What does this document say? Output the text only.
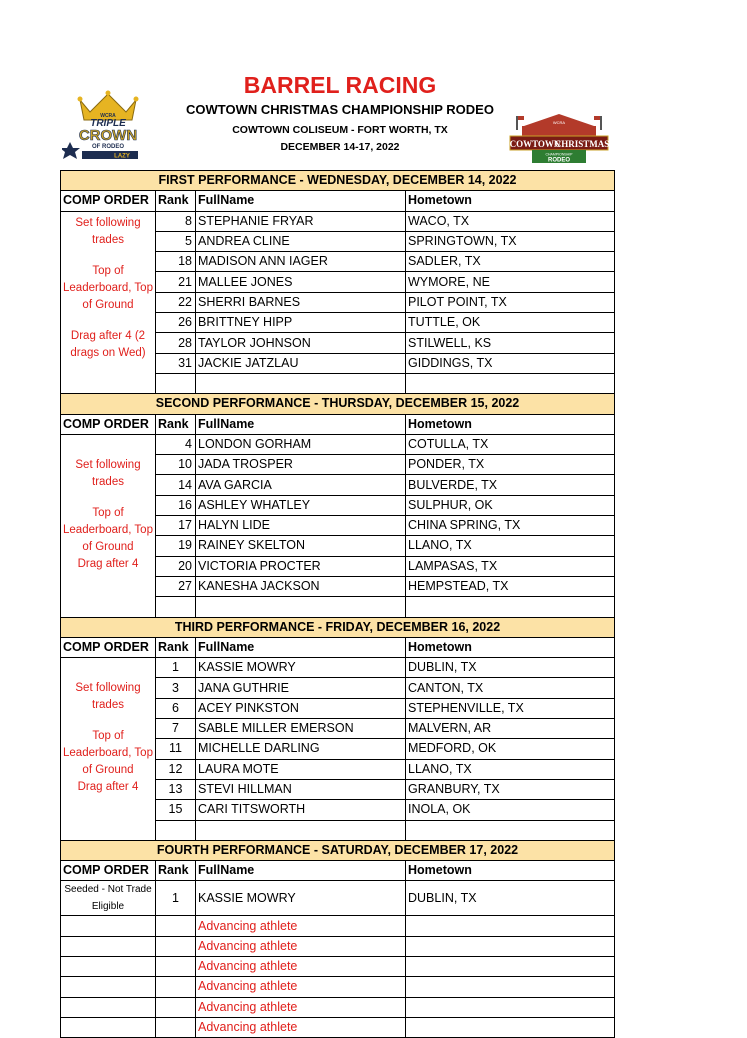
BARREL RACING
COWTOWN CHRISTMAS CHAMPIONSHIP RODEO
COWTOWN COLISEUM - FORT WORTH, TX
DECEMBER 14-17, 2022
WCRA
TRIPLE
CROWN
OF RODEO
LAZY
WCRA
COWTOWN
CHRISTMAS
CHAMPIONSHIP
RODEO
FIRST PERFORMANCE - WEDNESDAY, DECEMBER 14, 2022			
COMP ORDER	Rank	FullName	Hometown
Set following trades
Top of Leaderboard, Top of Ground
Drag after 4 (2 drags on Wed)	8	STEPHANIE FRYAR	WACO, TX
	5	ANDREA CLINE	SPRINGTOWN, TX
	18	MADISON ANN IAGER	SADLER, TX
	21	MALLEE JONES	WYMORE, NE
	22	SHERRI BARNES	PILOT POINT, TX
	26	BRITTNEY HIPP	TUTTLE, OK
	28	TAYLOR JOHNSON	STILWELL, KS
	31	JACKIE JATZLAU	GIDDINGS, TX

SECOND PERFORMANCE - THURSDAY, DECEMBER 15, 2022			
COMP ORDER	Rank	FullName	Hometown
Set following trades
Top of Leaderboard, Top of Ground
Drag after 4	4	LONDON GORHAM	COTULLA, TX
	10	JADA TROSPER	PONDER, TX
	14	AVA GARCIA	BULVERDE, TX
	16	ASHLEY WHATLEY	SULPHUR, OK
	17	HALYN LIDE	CHINA SPRING, TX
	19	RAINEY SKELTON	LLANO, TX
	20	VICTORIA PROCTER	LAMPASAS, TX
	27	KANESHA JACKSON	HEMPSTEAD, TX

THIRD PERFORMANCE - FRIDAY, DECEMBER 16, 2022			
COMP ORDER	Rank	FullName	Hometown
Set following trades
Top of Leaderboard, Top of Ground
Drag after 4	1	KASSIE MOWRY	DUBLIN, TX
	3	JANA GUTHRIE	CANTON, TX
	6	ACEY PINKSTON	STEPHENVILLE, TX
	7	SABLE MILLER EMERSON	MALVERN, AR
	11	MICHELLE DARLING	MEDFORD, OK
	12	LAURA MOTE	LLANO, TX
	13	STEVI HILLMAN	GRANBURY, TX
	15	CARI TITSWORTH	INOLA, OK

FOURTH PERFORMANCE - SATURDAY, DECEMBER 17, 2022			
COMP ORDER	Rank	FullName	Hometown
Seeded - Not Trade Eligible	1	KASSIE MOWRY	DUBLIN, TX
		Advancing athlete	
		Advancing athlete	
		Advancing athlete	
		Advancing athlete	
		Advancing athlete	
		Advancing athlete	
